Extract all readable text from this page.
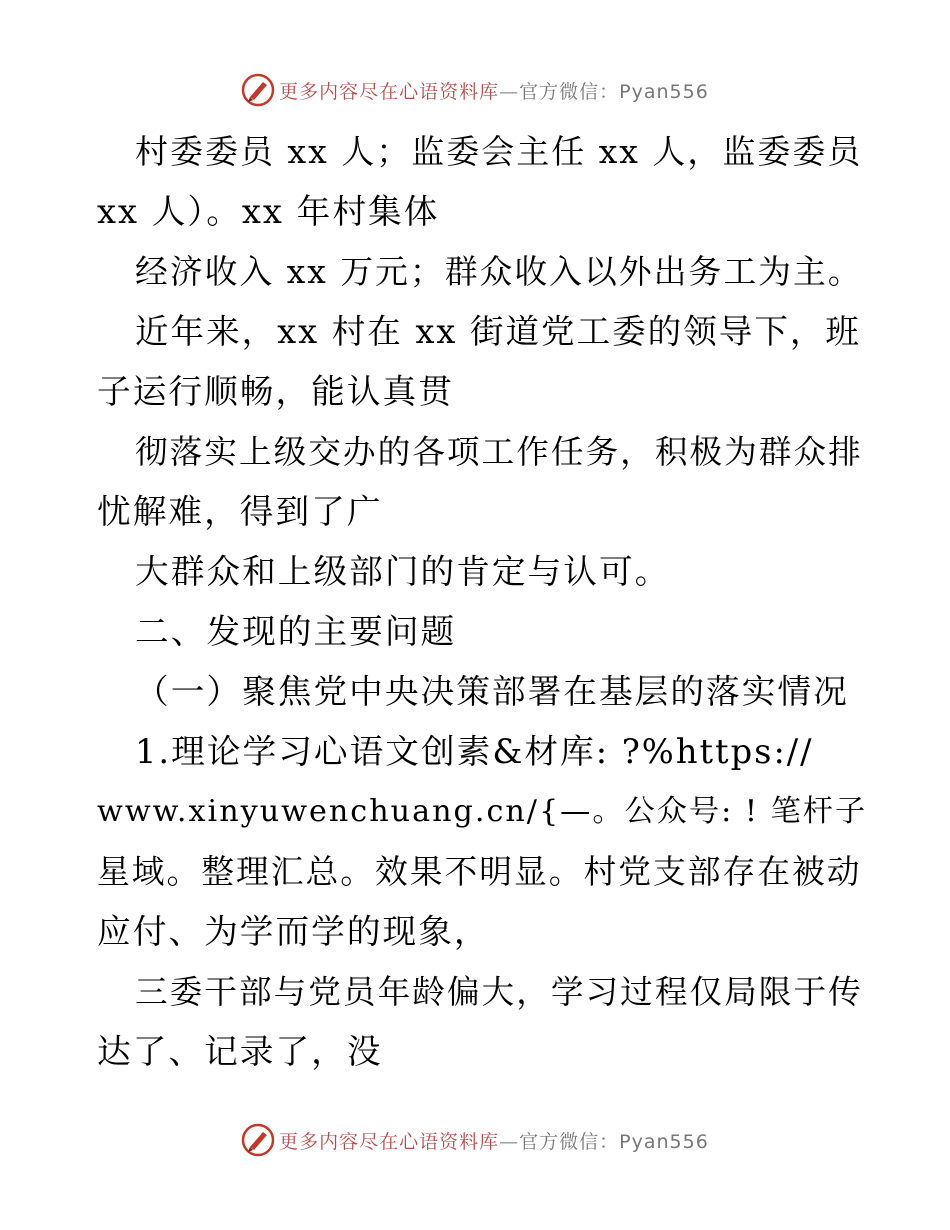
更多内容尽在心语资料库—官方微信：Pyan556
村委委员 xx 人；监委会主任 xx 人，监委委员
xx 人）。xx 年村集体
经济收入 xx 万元；群众收入以外出务工为主。
近年来，xx 村在 xx 街道党工委的领导下，班
子运行顺畅，能认真贯
彻落实上级交办的各项工作任务，积极为群众排
忧解难，得到了广
大群众和上级部门的肯定与认可。
二、发现的主要问题
（一）聚焦党中央决策部署在基层的落实情况
1.理论学习心语文创素&材库: ?%https://
www.xinyuwenchuang.cn/{—。公众号: ! 笔杆子
星域。整理汇总。效果不明显。村党支部存在被动
应付、为学而学的现象，
三委干部与党员年龄偏大，学习过程仅局限于传
达了、记录了，没
更多内容尽在心语资料库—官方微信：Pyan556
